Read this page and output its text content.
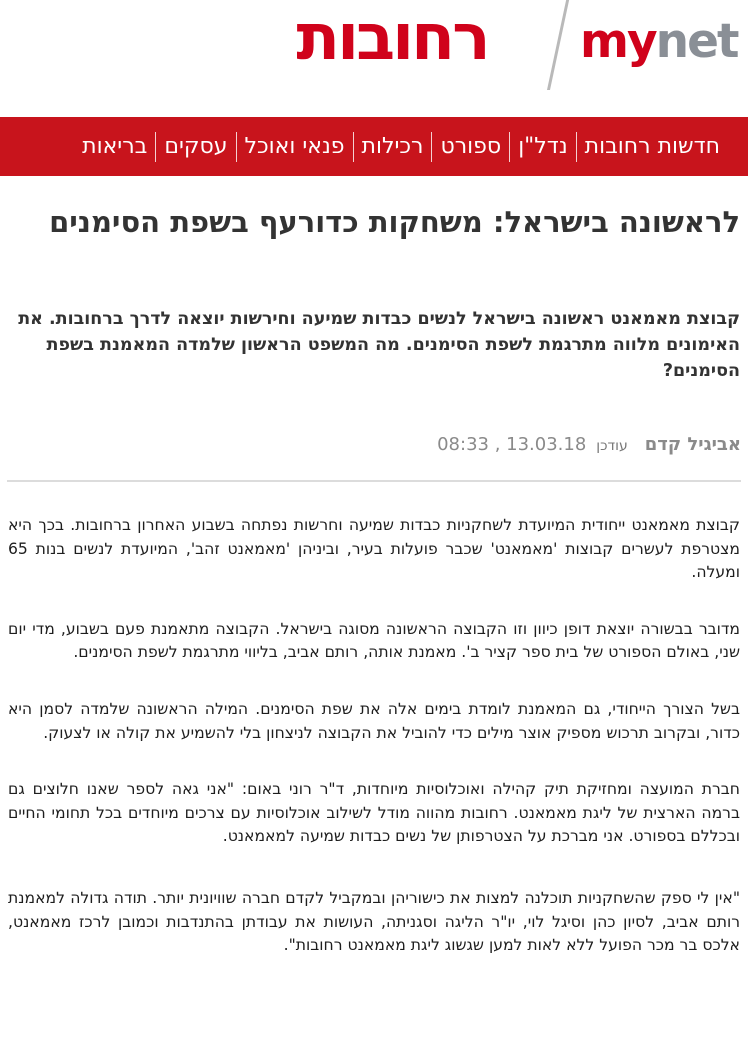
mynet
רחובות
חדשות רחובות
נדל"ן
ספורט
רכילות
פנאי ואוכל
עסקים
בריאות
לראשונה בישראל: משחקות כדורעף בשפת הסימנים
קבוצת מאמאנט ראשונה בישראל לנשים כבדות שמיעה וחירשות יוצאה לדרך ברחובות. את האימונים מלווה מתרגמת לשפת הסימנים. מה המשפט הראשון שלמדה המאמנת בשפת הסימנים?
אביגיל קדם
עודכן
08:33 , 13.03.18

קבוצת מאמאנט ייחודית המיועדת לשחקניות כבדות שמיעה וחרשות נפתחה בשבוע האחרון ברחובות. בכך היא מצטרפת לעשרים קבוצות 'מאמאנט' שכבר פועלות בעיר, וביניהן 'מאמאנט זהב', המיועדת לנשים בנות 65 ומעלה.

מדובר בבשורה יוצאת דופן כיוון וזו הקבוצה הראשונה מסוגה בישראל. הקבוצה מתאמנת פעם בשבוע, מדי יום שני, באולם הספורט של בית ספר קציר ב'. מאמנת אותה, רותם אביב, בליווי מתרגמת לשפת הסימנים.

בשל הצורך הייחודי, גם המאמנת לומדת בימים אלה את שפת הסימנים. המילה הראשונה שלמדה לסמן היא כדור, ובקרוב תרכוש מספיק אוצר מילים כדי להוביל את הקבוצה לניצחון בלי להשמיע את קולה או לצעוק.

חברת המועצה ומחזיקת תיק קהילה ואוכלוסיות מיוחדות, ד"ר רוני באום: "אני גאה לספר שאנו חלוצים גם ברמה הארצית של ליגת מאמאנט. רחובות מהווה מודל לשילוב אוכלוסיות עם צרכים מיוחדים בכל תחומי החיים ובכללם בספורט. אני מברכת על הצטרפותן של נשים כבדות שמיעה למאמאנט.

"אין לי ספק שהשחקניות תוכלנה למצות את כישוריהן ובמקביל לקדם חברה שוויונית יותר. תודה גדולה למאמנת רותם אביב, לסיון כהן וסיגל לוי, יו"ר הליגה וסגניתה, העושות את עבודתן בהתנדבות וכמובן לרכז מאמאנט, אלכס בר מכר הפועל ללא לאות למען שגשוג ליגת מאמאנט רחובות".
